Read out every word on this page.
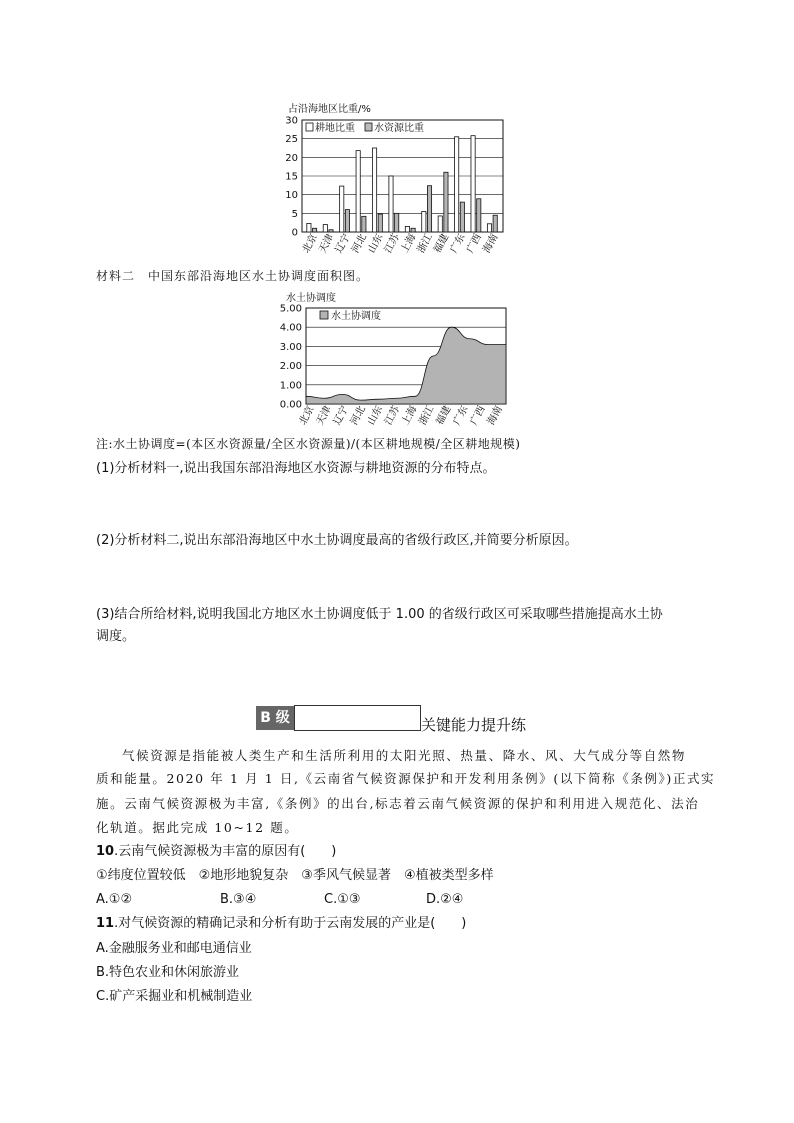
占沿海地区比重/%
0
5
10
15
20
25
30
北京
天津
辽宁
河北
山东
江苏
上海
浙江
福建
广东
广西
海南
耕地比重 水资源比重
材料二　中国东部沿海地区水土协调度面积图。
水土协调度
0.00
1.00
2.00
3.00
4.00
5.00
北京
天津
辽宁
河北
山东
江苏
上海
浙江
福建
广东
广西
海南
水土协调度
注:水土协调度=(本区水资源量/全区水资源量)/(本区耕地规模/全区耕地规模)
(1)分析材料一,说出我国东部沿海地区水资源与耕地资源的分布特点。
(2)分析材料二,说出东部沿海地区中水土协调度最高的省级行政区,并简要分析原因。
(3)结合所给材料,说明我国北方地区水土协调度低于 1.00 的省级行政区可采取哪些措施提高水土协
调度。
B 级	关键能力提升练
气候资源是指能被人类生产和生活所利用的太阳光照、热量、降水、风、大气成分等自然物
质和能量。2020 年 1 月 1 日,《云南省气候资源保护和开发利用条例》(以下简称《条例》)正式实
施。云南气候资源极为丰富,《条例》的出台,标志着云南气候资源的保护和利用进入规范化、法治
化轨道。据此完成 10~12 题。
10.云南气候资源极为丰富的原因有(　　)
①纬度位置较低　②地形地貌复杂　③季风气候显著　④植被类型多样
A.①②	B.③④	C.①③	D.②④
11.对气候资源的精确记录和分析有助于云南发展的产业是(　　)
A.金融服务业和邮电通信业
B.特色农业和休闲旅游业
C.矿产采掘业和机械制造业
